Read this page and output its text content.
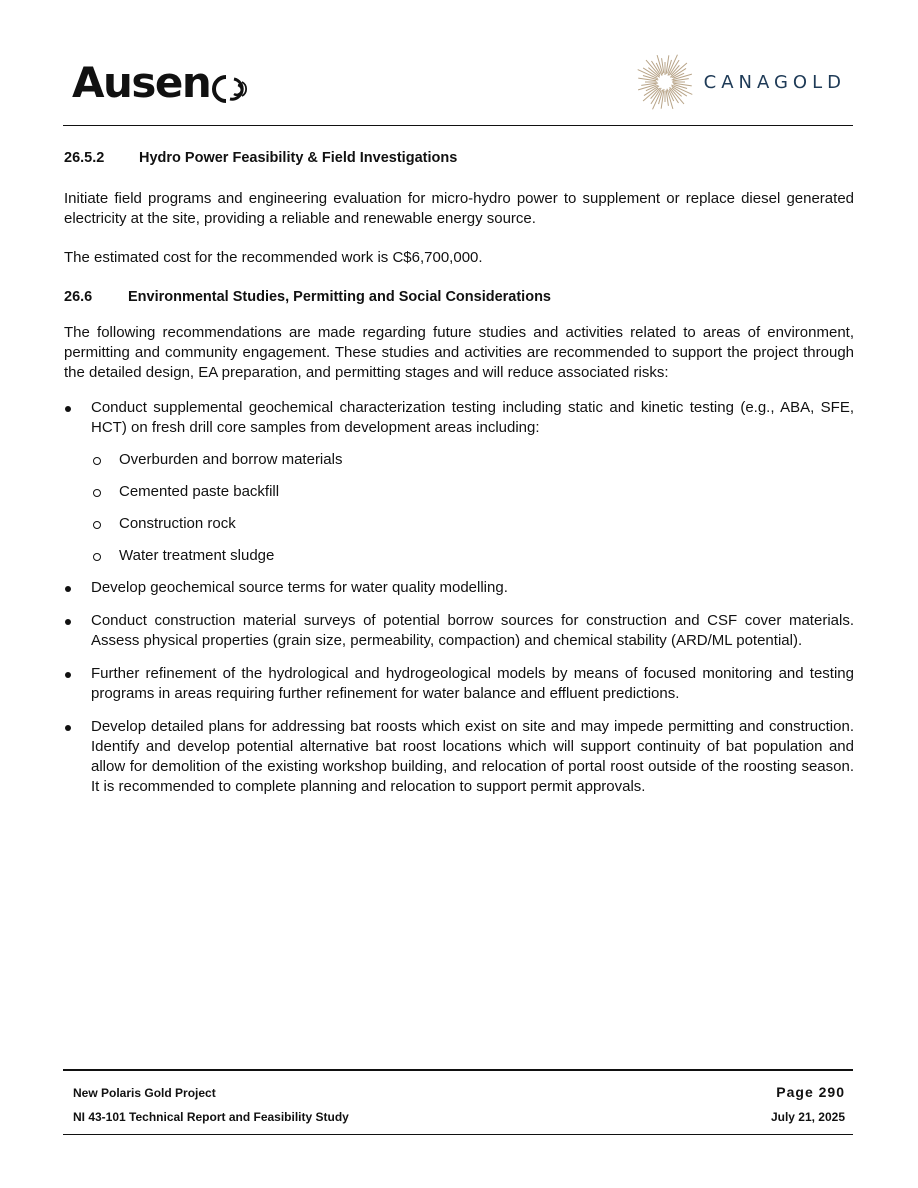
Ausen	CANAGOLD
26.5.2	Hydro Power Feasibility & Field Investigations

Initiate field programs and engineering evaluation for micro-hydro power to supplement or replace diesel generated electricity at the site, providing a reliable and renewable energy source.

The estimated cost for the recommended work is C$6,700,000.

26.6	Environmental Studies, Permitting and Social Considerations

The following recommendations are made regarding future studies and activities related to areas of environment, permitting and community engagement. These studies and activities are recommended to support the project through the detailed design, EA preparation, and permitting stages and will reduce associated risks:

Conduct supplemental geochemical characterization testing including static and kinetic testing (e.g., ABA, SFE, HCT) on fresh drill core samples from development areas including:
Overburden and borrow materials
Cemented paste backfill
Construction rock
Water treatment sludge
Develop geochemical source terms for water quality modelling.
Conduct construction material surveys of potential borrow sources for construction and CSF cover materials. Assess physical properties (grain size, permeability, compaction) and chemical stability (ARD/ML potential).
Further refinement of the hydrological and hydrogeological models by means of focused monitoring and testing programs in areas requiring further refinement for water balance and effluent predictions.
Develop detailed plans for addressing bat roosts which exist on site and may impede permitting and construction. Identify and develop potential alternative bat roost locations which will support continuity of bat population and allow for demolition of the existing workshop building, and relocation of portal roost outside of the roosting season. It is recommended to complete planning and relocation to support permit approvals.
New Polaris Gold Project	Page 290
NI 43-101 Technical Report and Feasibility Study	July 21, 2025
